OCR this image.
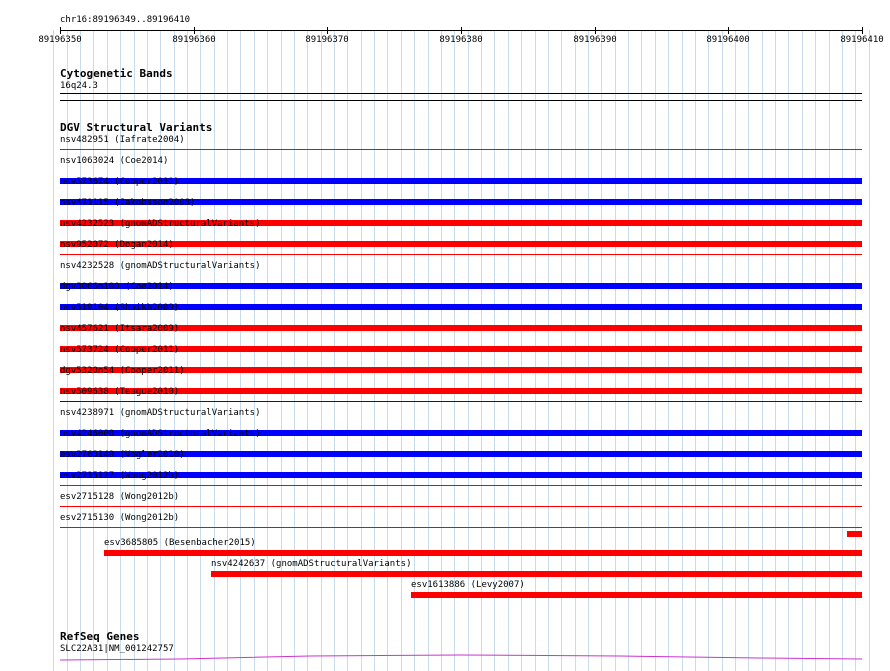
chr16:89196349..89196410
89196350	89196360	89196370	89196380	89196390	89196400	89196410
Cytogenetic Bands
16q24.3
DGV Structural Variants
nsv482951 (Iafrate2004)
nsv1063024 (Coe2014)
nsv573674 (Cooper2011)
nsv471115 (Jakobsson2008)
nsv4232523 (gnomADStructuralVariants)
nsv952072 (Dogan2014)
nsv4232528 (gnomADStructuralVariants)
dgv3066n100 (Coe2014)
nsv519104 (Shaikh2009)
nsv457621 (Itsara2009)
nsv573724 (Cooper2011)
dgv5320n54 (Cooper2011)
nsv509638 (Teague2010)
nsv4238971 (gnomADStructuralVariants)
nsv4246000 (gnomADStructuralVariants)
esv2763149 (Vogler2010)
esv2715127 (Wong2012b)
esv2715128 (Wong2012b)
esv2715130 (Wong2012b)
esv3685805 (Besenbacher2015)
nsv4242637 (gnomADStructuralVariants)
esv1613886 (Levy2007)
RefSeq Genes
SLC22A31|NM_001242757
